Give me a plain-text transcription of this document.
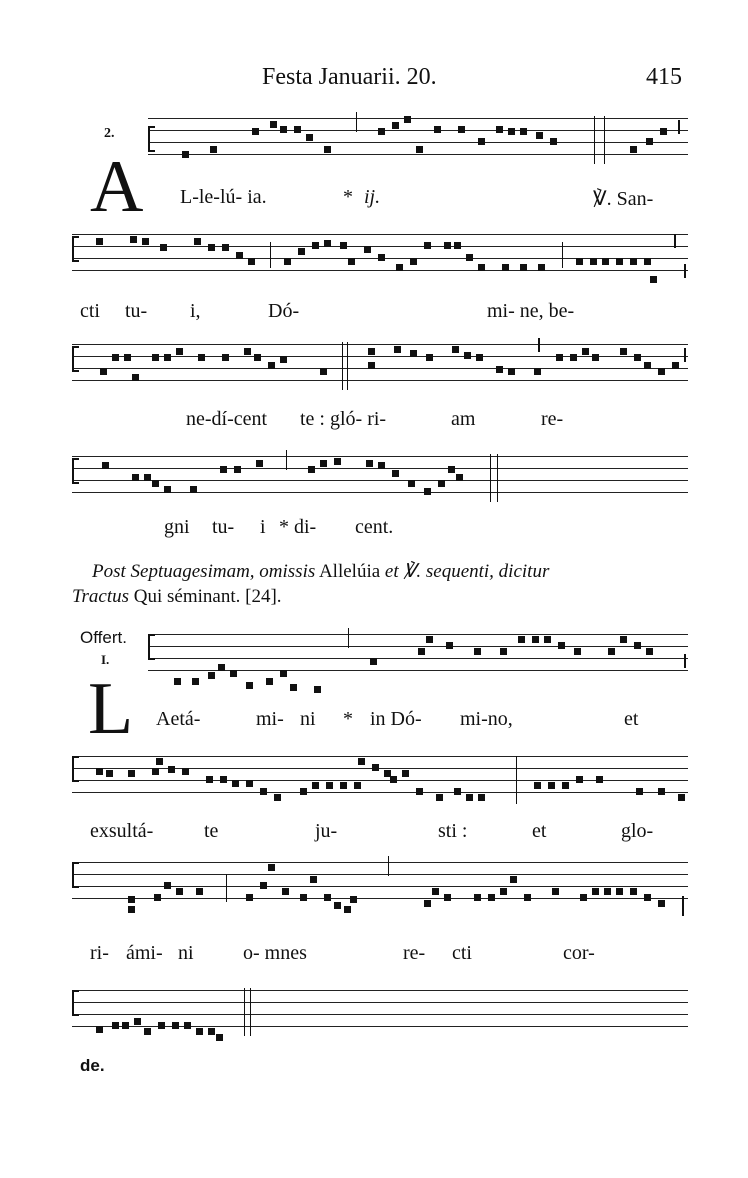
Festa Januarii. 20.	415
2.
A L-le-lú- ia.	* ij.	℣. San-
cti tu- i,	Dó-	mi- ne, be-
ne-dí-cent te : gló- ri-	am	re-
gni tu- i * di- cent.
Post Septuagesimam, omissis Allelúia et ℣. sequenti, dicitur
Tractus Qui séminant. [24].
Offert.
I.
L Aetá-	mi- ni * in Dó- mi-no,	et
exsultá-	te	ju-	sti :	et	glo-
ri- ámi- ni o- mnes	re- cti	cor-
de.
